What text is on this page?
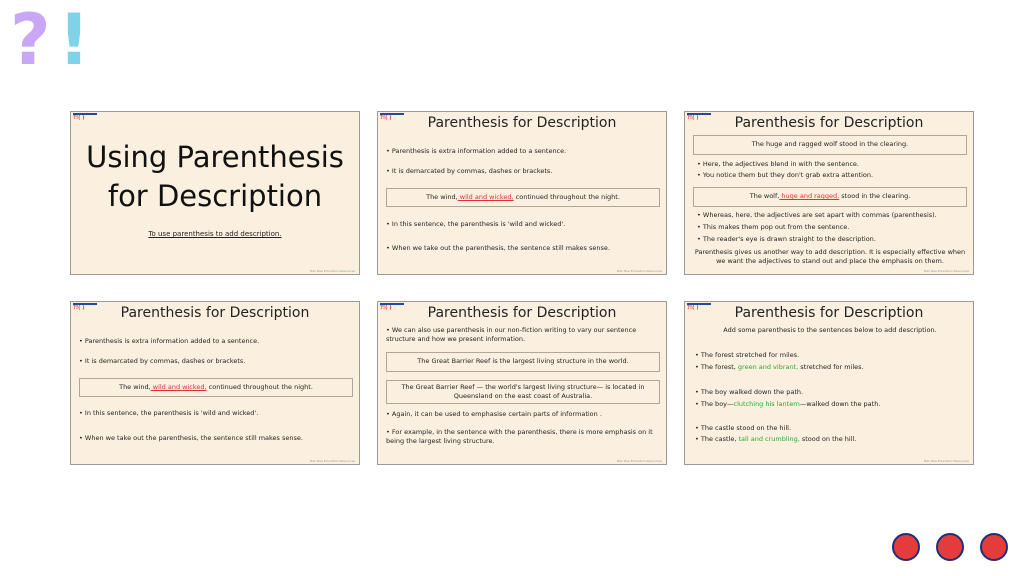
? !
?!( )
Using Parenthesis for Description
To use parenthesis to add description.
Plan Bee Education Resources
?!( )	Parenthesis for Description
• Parenthesis is extra information added to a sentence.
• It is demarcated by commas, dashes or brackets.
The wind, wild and wicked, continued throughout the night.
• In this sentence, the parenthesis is 'wild and wicked'.
• When we take out the parenthesis, the sentence still makes sense.
Plan Bee Education Resources
?!( )	Parenthesis for Description
The huge and ragged wolf stood in the clearing.
• Here, the adjectives blend in with the sentence.
• You notice them but they don't grab extra attention.
The wolf, huge and ragged, stood in the clearing.
• Whereas, here, the adjectives are set apart with commas (parenthesis).
• This makes them pop out from the sentence.
• The reader's eye is drawn straight to the description.
Parenthesis gives us another way to add description. It is especially effective when we want the adjectives to stand out and place the emphasis on them.
Plan Bee Education Resources
?!( )	Parenthesis for Description
• Parenthesis is extra information added to a sentence.
• It is demarcated by commas, dashes or brackets.
The wind, wild and wicked, continued throughout the night.
• In this sentence, the parenthesis is 'wild and wicked'.
• When we take out the parenthesis, the sentence still makes sense.
Plan Bee Education Resources
?!( )	Parenthesis for Description
• We can also use parenthesis in our non-fiction writing to vary our sentence structure and how we present information.
The Great Barrier Reef is the largest living structure in the world.
The Great Barrier Reef — the world's largest living structure— is located in Queensland on the east coast of Australia.
• Again, it can be used to emphasise certain parts of information .
• For example, in the sentence with the parenthesis, there is more emphasis on it being the largest living structure.
Plan Bee Education Resources
?!( )	Parenthesis for Description
Add some parenthesis to the sentences below to add description.
• The forest stretched for miles.
• The forest, green and vibrant, stretched for miles.
• The boy walked down the path.
• The boy—clutching his lantern—walked down the path.
• The castle stood on the hill.
• The castle, tall and crumbling, stood on the hill.
Plan Bee Education Resources
